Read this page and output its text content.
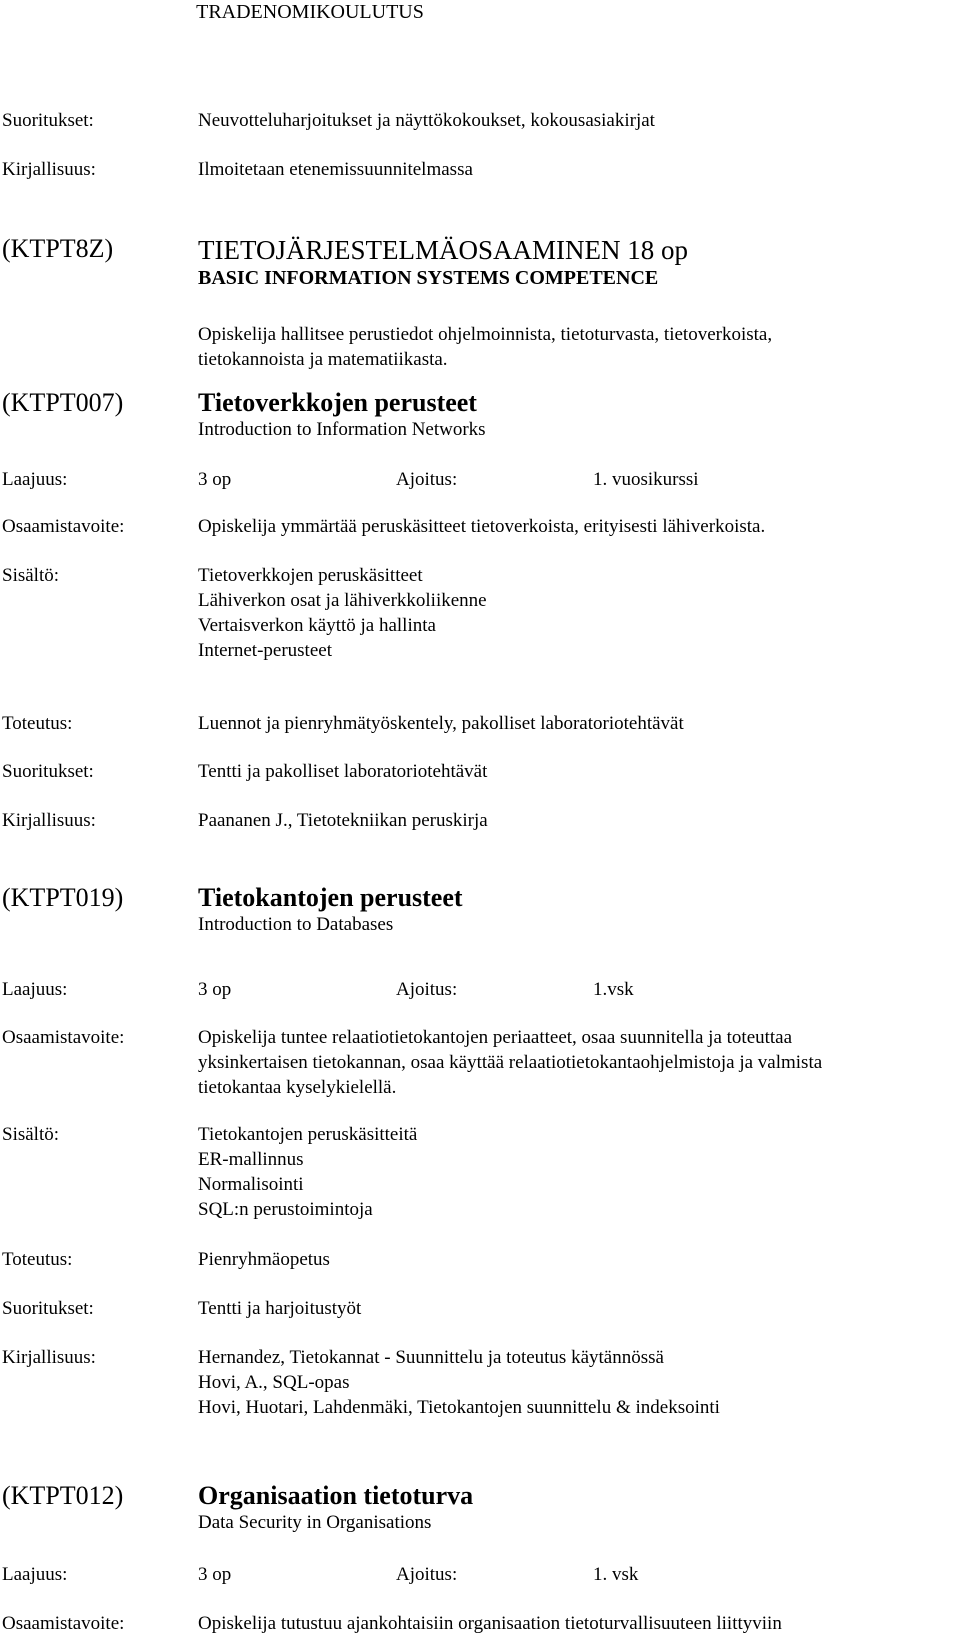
TRADENOMIKOULUTUS
Suoritukset:	Neuvotteluharjoitukset ja näyttökokoukset, kokousasiakirjat
Kirjallisuus:	Ilmoitetaan etenemissuunnitelmassa
(KTPT8Z)	TIETOJÄRJESTELMÄOSAAMINEN 18 op

BASIC INFORMATION SYSTEMS COMPETENCE

Opiskelija hallitsee perustiedot ohjelmoinnista, tietoturvasta, tietoverkoista,

tietokannoista ja matematiikasta.

(KTPT007)	Tietoverkkojen perusteet

Introduction to Information Networks

Laajuus:	3 op	Ajoitus:	1. vuosikurssi
Osaamistavoite:	Opiskelija ymmärtää peruskäsitteet tietoverkoista, erityisesti lähiverkoista.

Sisältö:	Tietoverkkojen peruskäsitteet

Lähiverkon osat ja lähiverkkoliikenne

Vertaisverkon käyttö ja hallinta

Internet-perusteet

Toteutus:	Luennot ja pienryhmätyöskentely, pakolliset laboratoriotehtävät
Suoritukset:	Tentti ja pakolliset laboratoriotehtävät
Kirjallisuus:	Paananen J., Tietotekniikan peruskirja

(KTPT019)	Tietokantojen perusteet

Introduction to Databases

Laajuus:	3 op	Ajoitus:	1.vsk
Osaamistavoite:	Opiskelija tuntee relaatiotietokantojen periaatteet, osaa suunnitella ja toteuttaa

yksinkertaisen tietokannan, osaa käyttää relaatiotietokantaohjelmistoja ja valmista

tietokantaa kyselykielellä.

Sisältö:	Tietokantojen peruskäsitteitä

ER-mallinnus

Normalisointi

SQL:n perustoimintoja

Toteutus:	Pienryhmäopetus
Suoritukset:	Tentti ja harjoitustyöt
Kirjallisuus:	Hernandez, Tietokannat - Suunnittelu ja toteutus käytännössä

Hovi, A., SQL-opas

Hovi, Huotari, Lahdenmäki, Tietokantojen suunnittelu & indeksointi

(KTPT012)	Organisaation tietoturva

Data Security in Organisations

Laajuus:	3 op	Ajoitus:	1. vsk
Osaamistavoite:	Opiskelija tutustuu ajankohtaisiin organisaation tietoturvallisuuteen liittyviin
